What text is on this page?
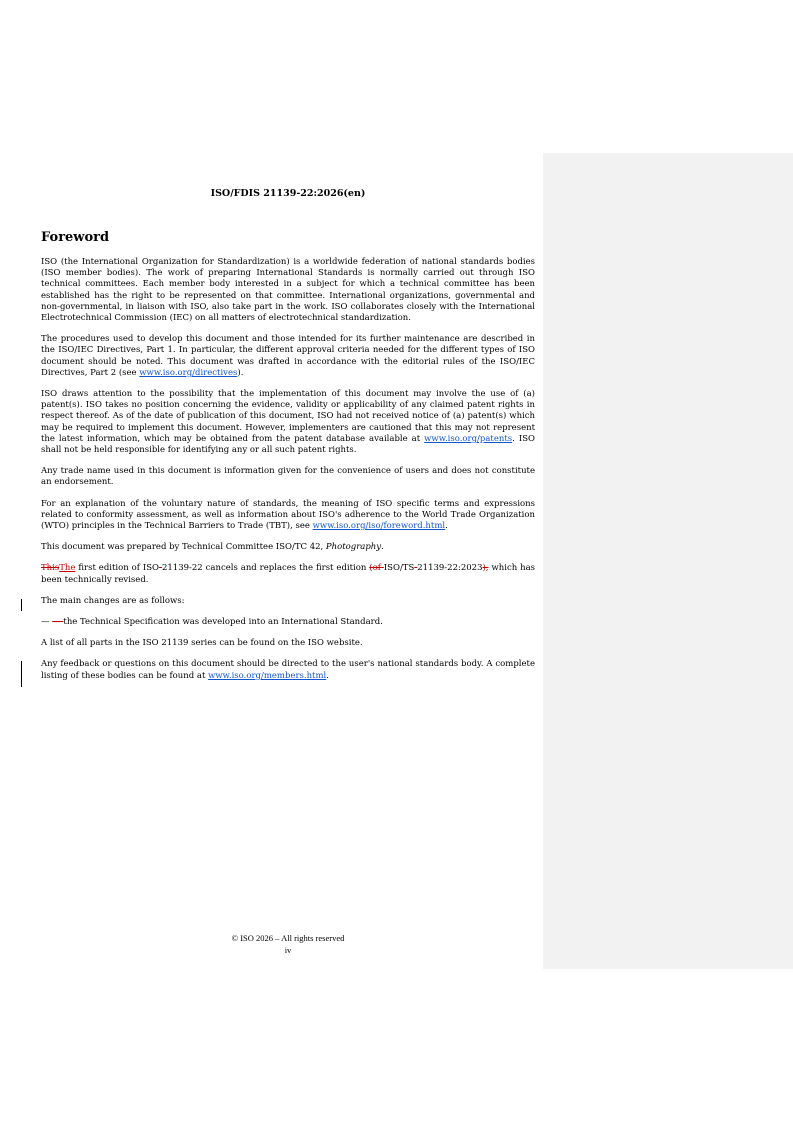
ISO/FDIS 21139-22:2026(en)
Foreword

ISO (the International Organization for Standardization) is a worldwide federation of national standards bodies (ISO member bodies). The work of preparing International Standards is normally carried out through ISO technical committees. Each member body interested in a subject for which a technical committee has been established has the right to be represented on that committee. International organizations, governmental and non-governmental, in liaison with ISO, also take part in the work. ISO collaborates closely with the International Electrotechnical Commission (IEC) on all matters of electrotechnical standardization.

The procedures used to develop this document and those intended for its further maintenance are described in the ISO/IEC Directives, Part 1. In particular, the different approval criteria needed for the different types of ISO document should be noted. This document was drafted in accordance with the editorial rules of the ISO/IEC Directives, Part 2 (see www.iso.org/directives).

ISO draws attention to the possibility that the implementation of this document may involve the use of (a) patent(s). ISO takes no position concerning the evidence, validity or applicability of any claimed patent rights in respect thereof. As of the date of publication of this document, ISO had not received notice of (a) patent(s) which may be required to implement this document. However, implementers are cautioned that this may not represent the latest information, which may be obtained from the patent database available at www.iso.org/patents. ISO shall not be held responsible for identifying any or all such patent rights.

Any trade name used in this document is information given for the convenience of users and does not constitute an endorsement.

For an explanation of the voluntary nature of standards, the meaning of ISO specific terms and expressions related to conformity assessment, as well as information about ISO's adherence to the World Trade Organization (WTO) principles in the Technical Barriers to Trade (TBT), see www.iso.org/iso/foreword.html.

This document was prepared by Technical Committee ISO/TC 42, Photography.

ThisThe first edition of ISO 21139-22 cancels and replaces the first edition (of ISO/TS 21139-22:2023), which has been technically revised.

The main changes are as follows:

— — the Technical Specification was developed into an International Standard.

A list of all parts in the ISO 21139 series can be found on the ISO website.

Any feedback or questions on this document should be directed to the user's national standards body. A complete listing of these bodies can be found at www.iso.org/members.html.

© ISO 2026 – All rights reserved
iv
